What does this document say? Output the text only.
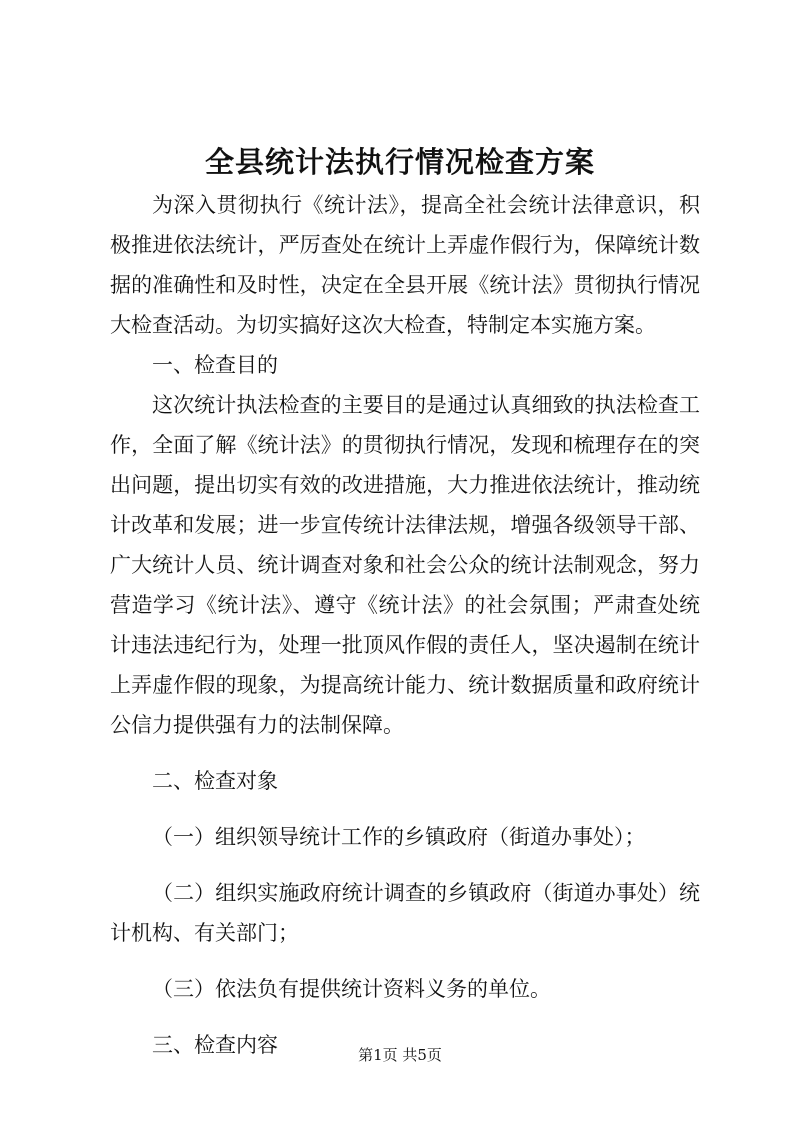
全县统计法执行情况检查方案

为深入贯彻执行《统计法》，提高全社会统计法律意识，积极推进依法统计，严厉查处在统计上弄虚作假行为，保障统计数据的准确性和及时性，决定在全县开展《统计法》贯彻执行情况大检查活动。为切实搞好这次大检查，特制定本实施方案。

一、检查目的

这次统计执法检查的主要目的是通过认真细致的执法检查工作，全面了解《统计法》的贯彻执行情况，发现和梳理存在的突出问题，提出切实有效的改进措施，大力推进依法统计，推动统计改革和发展；进一步宣传统计法律法规，增强各级领导干部、广大统计人员、统计调查对象和社会公众的统计法制观念，努力营造学习《统计法》、遵守《统计法》的社会氛围；严肃查处统计违法违纪行为，处理一批顶风作假的责任人，坚决遏制在统计上弄虚作假的现象，为提高统计能力、统计数据质量和政府统计公信力提供强有力的法制保障。

二、检查对象

（一）组织领导统计工作的乡镇政府（街道办事处）；

（二）组织实施政府统计调查的乡镇政府（街道办事处）统计机构、有关部门；

（三）依法负有提供统计资料义务的单位。

三、检查内容	第1页 共5页
